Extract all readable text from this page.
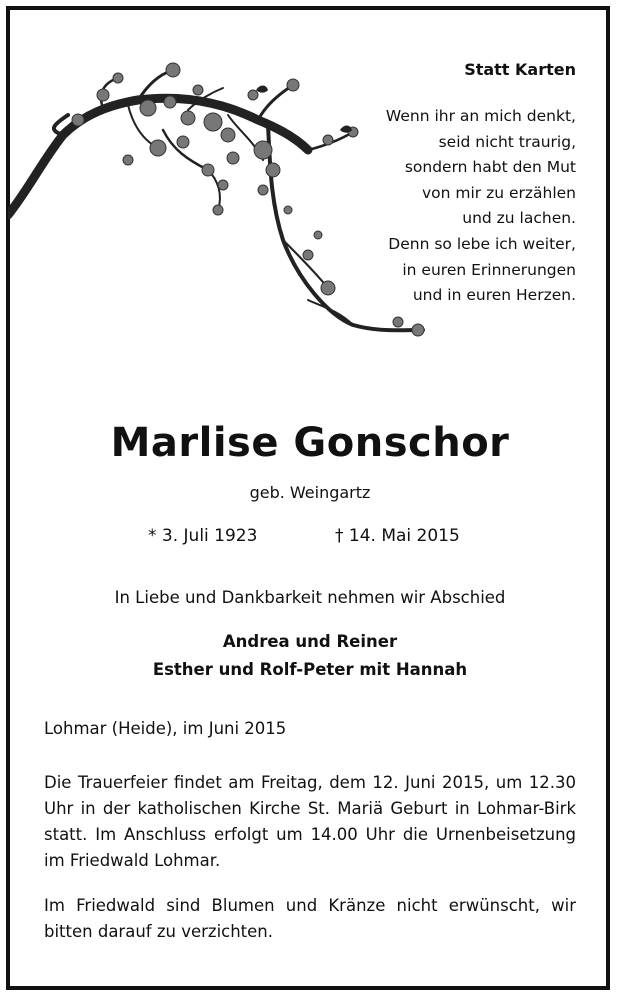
Statt Karten
Wenn ihr an mich denkt,
seid nicht traurig,
sondern habt den Mut
von mir zu erzählen
und zu lachen.
Denn so lebe ich weiter,
in euren Erinnerungen
und in euren Herzen.
Marlise Gonschor
geb. Weingartz
* 3. Juli 1923	† 14. Mai 2015
In Liebe und Dankbarkeit nehmen wir Abschied
Andrea und Reiner
Esther und Rolf-Peter mit Hannah
Lohmar (Heide), im Juni 2015
Die Trauerfeier findet am Freitag, dem 12. Juni 2015, um 12.30 Uhr in der katholischen Kirche St. Mariä Geburt in Lohmar-Birk statt. Im Anschluss erfolgt um 14.00 Uhr die Urnenbeisetzung im Friedwald Lohmar.
Im Friedwald sind Blumen und Kränze nicht erwünscht, wir bitten darauf zu verzichten.
